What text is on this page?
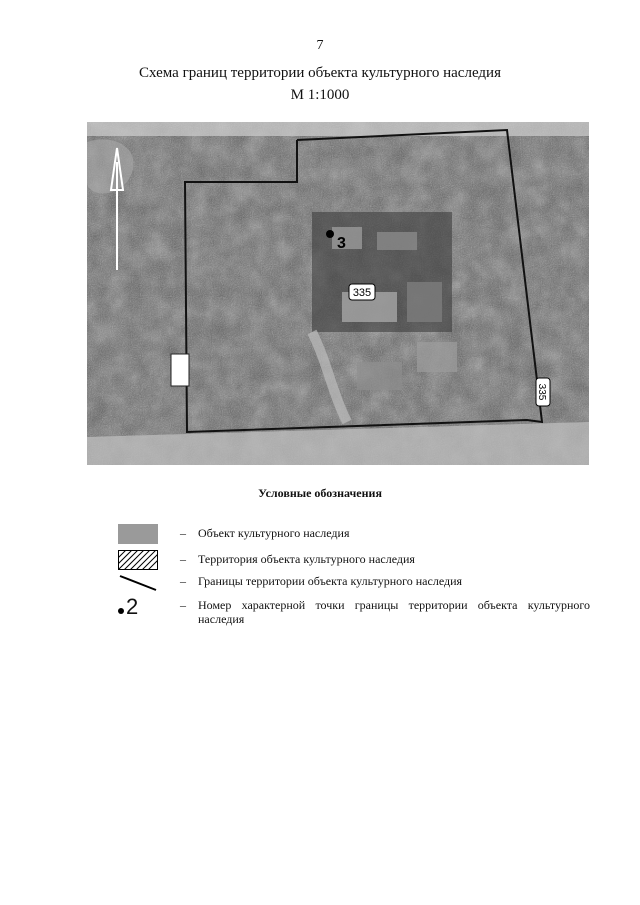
7
Схема границ территории объекта культурного наследия
М 1:1000
3
335
335
Условные обозначения
– Объект культурного наследия
– Территория объекта культурного наследия
– Границы территории объекта культурного наследия
2	– Номер характерной точки границы территории объекта культурного наследия
